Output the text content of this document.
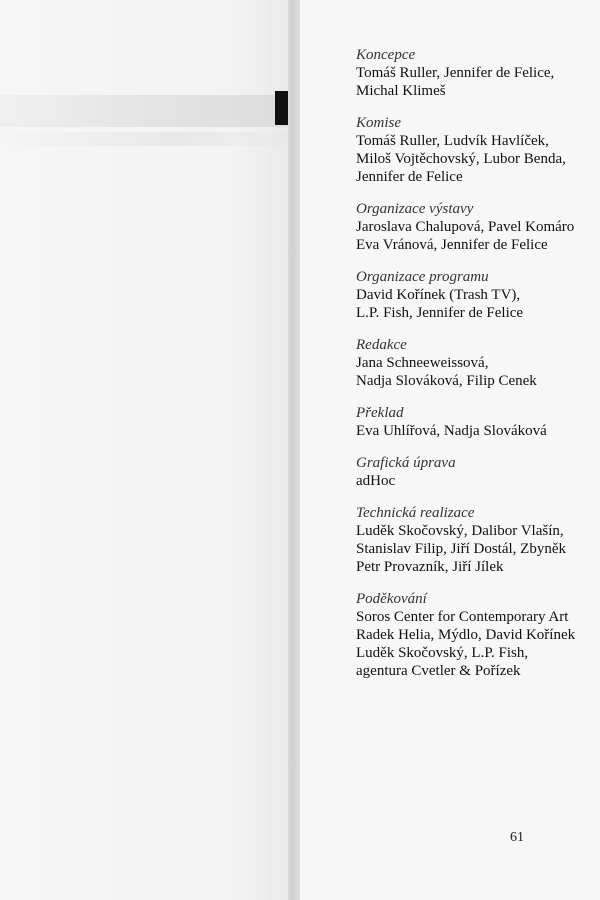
Koncepce
Tomáš Ruller, Jennifer de Felice,
Michal Klimeš
Komise
Tomáš Ruller, Ludvík Havlíček,
Miloš Vojtěchovský, Lubor Benda,
Jennifer de Felice
Organizace výstavy
Jaroslava Chalupová, Pavel Komáro
Eva Vránová, Jennifer de Felice
Organizace programu
David Kořínek (Trash TV),
L.P. Fish, Jennifer de Felice
Redakce
Jana Schneeweissová,
Nadja Slováková, Filip Cenek
Překlad
Eva Uhlířová, Nadja Slováková
Grafická úprava
adHoc
Technická realizace
Luděk Skočovský, Dalibor Vlašín,
Stanislav Filip, Jiří Dostál, Zbyněk
Petr Provazník, Jiří Jílek
Poděkování
Soros Center for Contemporary Art
Radek Helia, Mýdlo, David Kořínek
Luděk Skočovský, L.P. Fish,
agentura Cvetler & Pořízek
61
